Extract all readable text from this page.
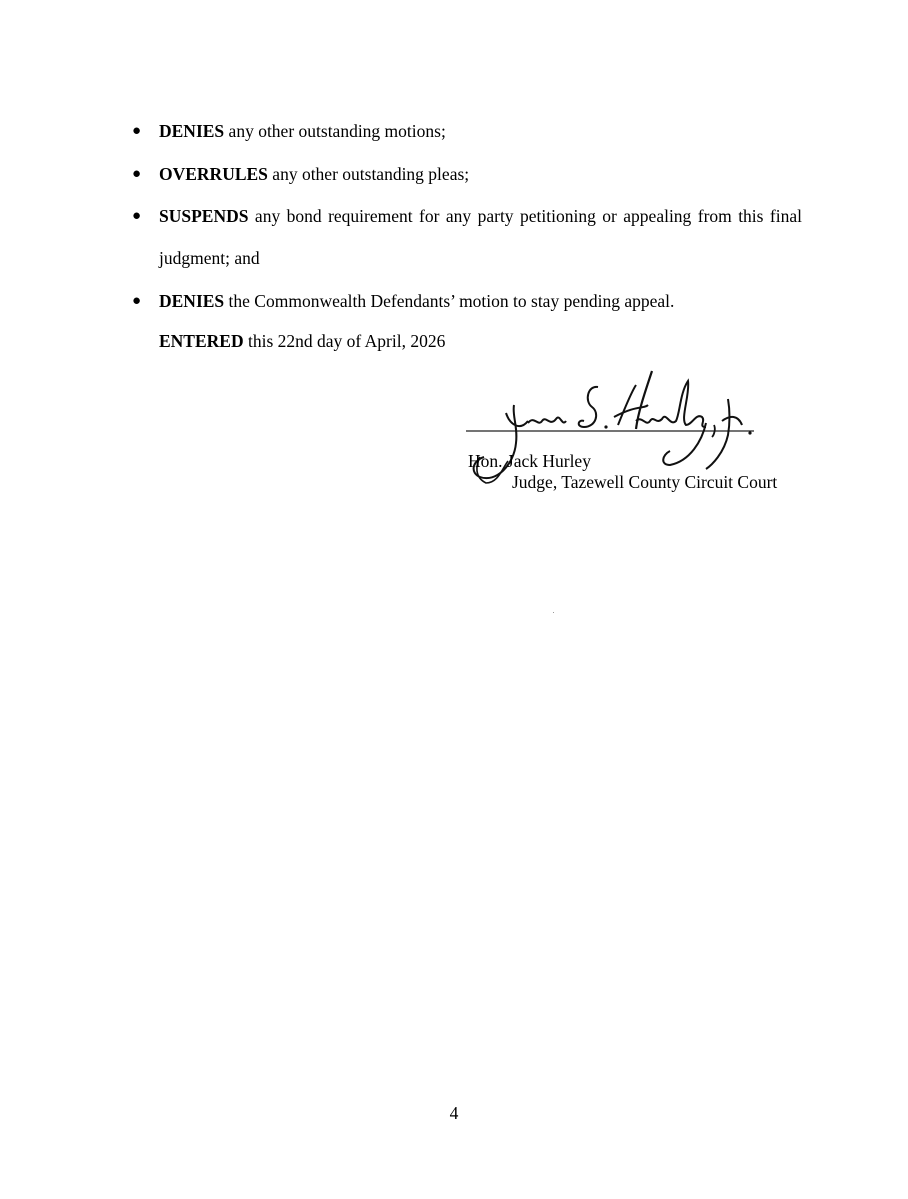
● DENIES any other outstanding motions;
● OVERRULES any other outstanding pleas;
● SUSPENDS any bond requirement for any party petitioning or appealing from this final judgment; and
● DENIES the Commonwealth Defendants’ motion to stay pending appeal.
ENTERED this 22nd day of April, 2026
Hon. Jack Hurley
Judge, Tazewell County Circuit Court
4
